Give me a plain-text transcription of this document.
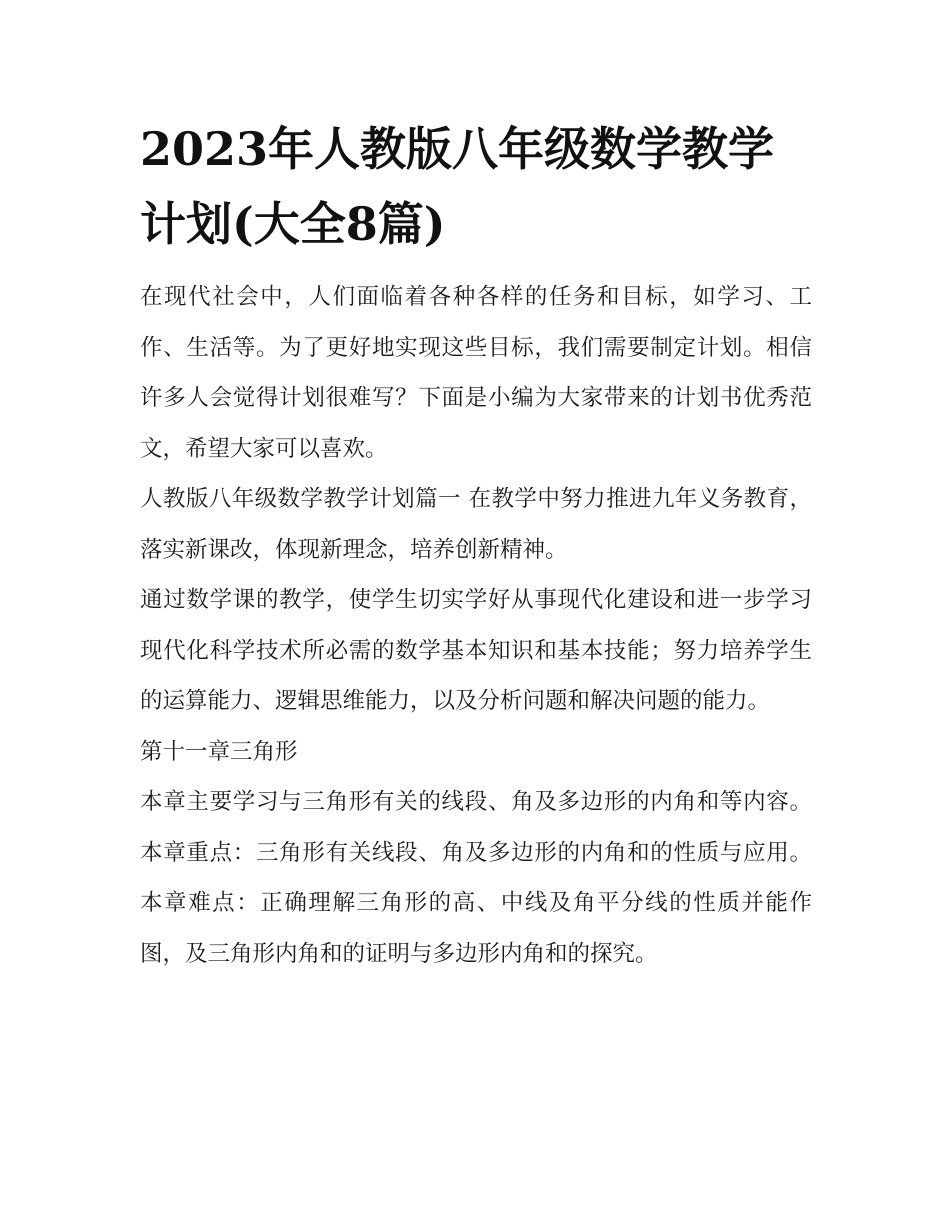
2023年人教版八年级数学教学计划(大全8篇)

在现代社会中，人们面临着各种各样的任务和目标，如学习、工作、生活等。为了更好地实现这些目标，我们需要制定计划。相信许多人会觉得计划很难写？下面是小编为大家带来的计划书优秀范文，希望大家可以喜欢。

人教版八年级数学教学计划篇一 在教学中努力推进九年义务教育，落实新课改，体现新理念，培养创新精神。

通过数学课的教学，使学生切实学好从事现代化建设和进一步学习现代化科学技术所必需的数学基本知识和基本技能；努力培养学生的运算能力、逻辑思维能力，以及分析问题和解决问题的能力。

第十一章三角形

本章主要学习与三角形有关的线段、角及多边形的内角和等内容。本章重点：三角形有关线段、角及多边形的内角和的性质与应用。本章难点：正确理解三角形的高、中线及角平分线的性质并能作图，及三角形内角和的证明与多边形内角和的探究。
